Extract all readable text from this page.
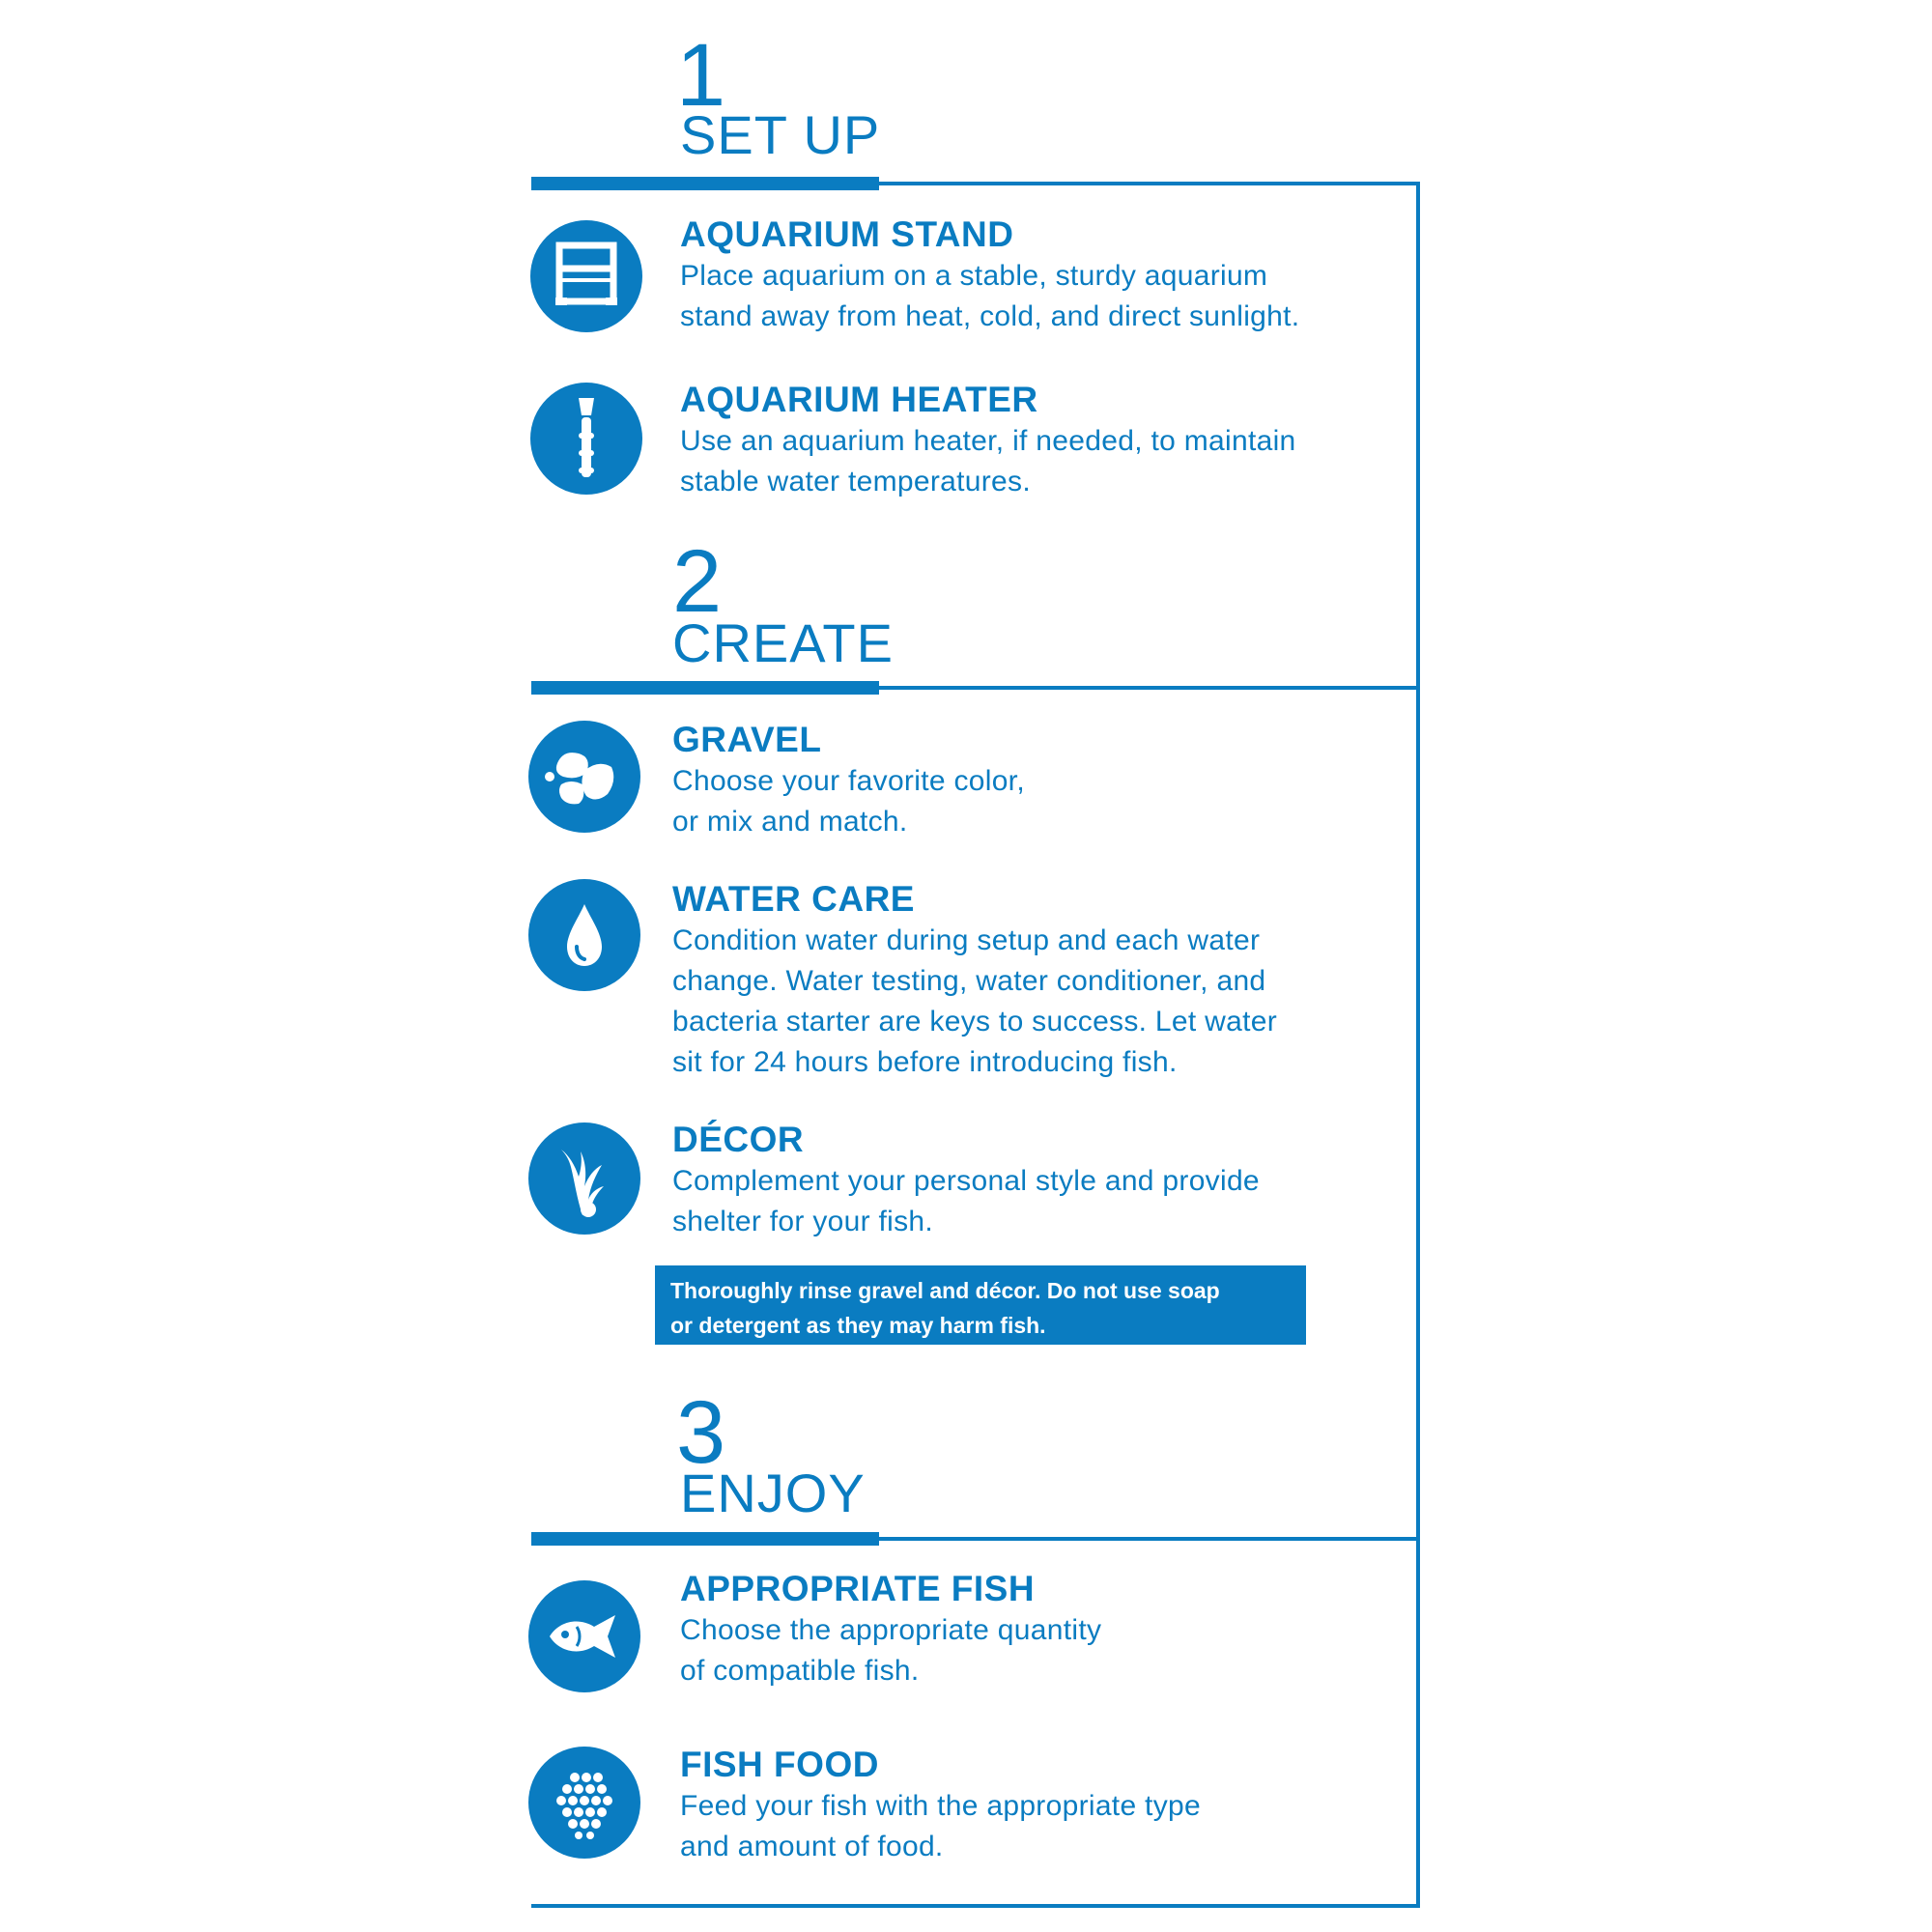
1
SET UP
AQUARIUM STAND
Place aquarium on a stable, sturdy aquarium
stand away from heat, cold, and direct sunlight.
AQUARIUM HEATER
Use an aquarium heater, if needed, to maintain
stable water temperatures.
2
CREATE
GRAVEL
Choose your favorite color,
or mix and match.
WATER CARE
Condition water during setup and each water
change. Water testing, water conditioner, and
bacteria starter are keys to success. Let water
sit for 24 hours before introducing fish.
DÉCOR
Complement your personal style and provide
shelter for your fish.
Thoroughly rinse gravel and décor. Do not use soap
or detergent as they may harm fish.
3
ENJOY
APPROPRIATE FISH
Choose the appropriate quantity
of compatible fish.
FISH FOOD
Feed your fish with the appropriate type
and amount of food.
